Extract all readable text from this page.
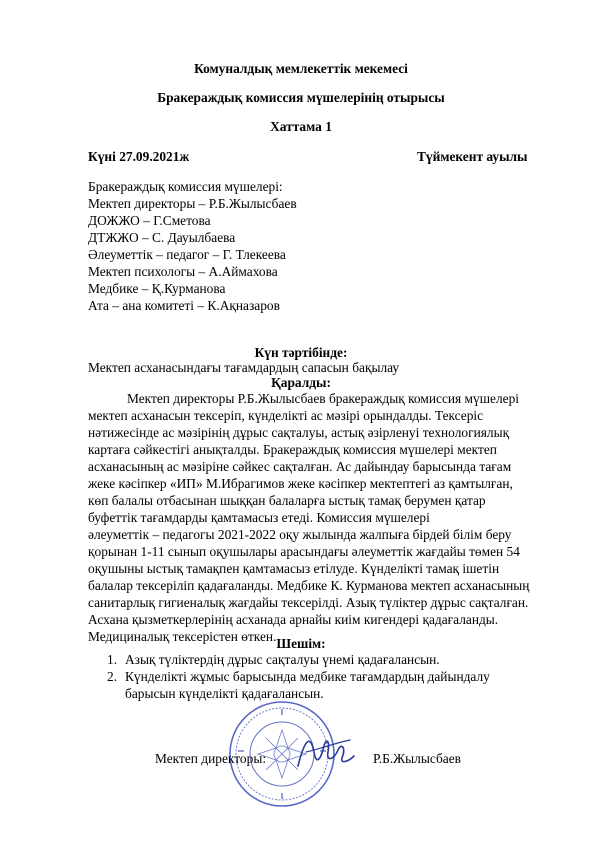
Комуналдық мемлекеттік мекемесі
Бракераждық комиссия мүшелерінің отырысы
Хаттама 1
Күні 27.09.2021ж	Түймекент ауылы
Бракераждық комиссия мүшелері:
Мектеп директоры – Р.Б.Жылысбаев
ДОЖЖО – Г.Сметова
ДТЖЖО – С. Дауылбаева
Әлеуметтік – педагог – Г. Тлекеева
Мектеп психологы – А.Аймахова
Медбике – Қ.Курманова
Ата – ана комитеті – К.Ақназаров
Күн тәртібінде:
Мектеп асханасындағы тағамдардың сапасын бақылау
Қаралды:
Мектеп директоры Р.Б.Жылысбаев бракераждық комиссия мүшелері
мектеп асханасын тексеріп, күнделікті ас мәзірі орындалды. Тексеріс
нәтижесінде ас мәзірінің дұрыс сақталуы, астық әзірленуі технологиялық
картаға сәйкестігі анықталды. Бракераждық комиссия мүшелері мектеп
асханасының ас мәзіріне сәйкес сақталған. Ас дайындау барысында тағам
жеке кәсіпкер «ИП» М.Ибрагимов жеке кәсіпкер мектептегі аз қамтылған,
көп балалы отбасынан шыққан балаларға ыстық тамақ берумен қатар
буфеттік тағамдарды қамтамасыз етеді. Комиссия мүшелері
әлеуметтік – педагогы 2021-2022 оқу жылында жалпыға бірдей білім беру
қорынан 1-11 сынып оқушылары арасындағы әлеуметтік жағдайы төмен 54
оқушыны ыстық тамақпен қамтамасыз етілуде. Күнделікті тамақ ішетін
балалар тексеріліп қадағаланды. Медбике К. Курманова мектеп асханасының
санитарлық гигиеналық жағдайы тексерілді. Азық түліктер дұрыс сақталған.
Асхана қызметкерлерінің асханада арнайы киім кигендері қадағаланды.
Медициналық тексерістен өткен. Шешім:
1. Азық түліктердің дұрыс сақталуы үнемі қадағалансын.
2. Күнделікті жұмыс барысында медбике тағамдардың дайындалу
барысын күнделікті қадағалансын.
Мектеп директоры:	Р.Б.Жылысбаев
